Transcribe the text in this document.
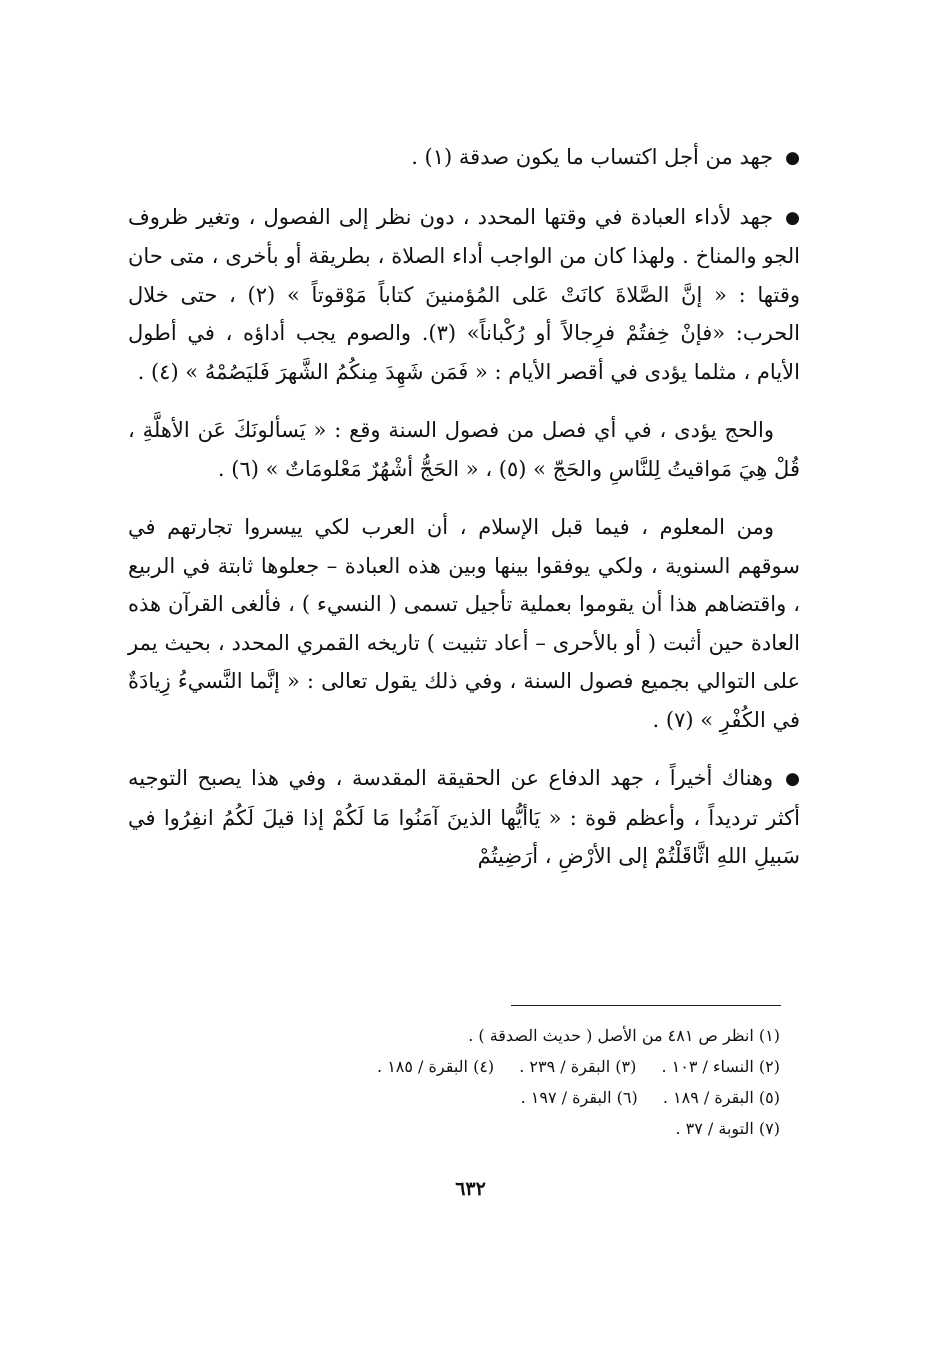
●جهد من أجل اكتساب ما يكون صدقة (١) .

●جهد لأداء العبادة في وقتها المحدد ، دون نظر إلى الفصول ، وتغير ظروف الجو والمناخ . ولهذا كان من الواجب أداء الصلاة ، بطريقة أو بأخرى ، متى حان وقتها : « إنَّ الصَّلاةَ كانَتْ عَلى المُؤمنينَ كتاباً مَوْقوتاً » (٢) ، حتى خلال الحرب: «فإنْ خِفتُمْ فرِجالاً أو رُكْباناً» (٣). والصوم يجب أداؤه ، في أطول الأيام ، مثلما يؤدى في أقصر الأيام : « فَمَن شَهِدَ مِنكُمُ الشَّهرَ فَليَصُمْهُ » (٤) .

والحج يؤدى ، في أي فصل من فصول السنة وقع : « يَسألونَكَ عَن الأهلَّةِ ، قُلْ هِيَ مَواقيتُ لِلنَّاسِ والحَجّ » (٥) ، « الحَجُّ أشْهُرٌ مَعْلومَاتٌ » (٦) .

ومن المعلوم ، فيما قبل الإسلام ، أن العرب لكي ييسروا تجارتهم في سوقهم السنوية ، ولكي يوفقوا بينها وبين هذه العبادة – جعلوها ثابتة في الربيع ، واقتضاهم هذا أن يقوموا بعملية تأجيل تسمى ( النسيء ) ، فألغى القرآن هذه العادة حين أثبت ( أو بالأحرى – أعاد تثبيت ) تاريخه القمري المحدد ، بحيث يمر على التوالي بجميع فصول السنة ، وفي ذلك يقول تعالى : « إنَّما النَّسيءُ زِيادَةٌ في الكُفْرِ » (٧) .

●وهناك أخيراً ، جهد الدفاع عن الحقيقة المقدسة ، وفي هذا يصبح التوجيه أكثر ترديداً ، وأعظم قوة : « يَاأيُّها الذينَ آمَنُوا مَا لَكُمْ إذا قيلَ لَكُمُ انفِرُوا في سَبيلِ اللهِ اثَّاقَلْتُمْ إلى الأرْضِ ، أرَضِيتُمْ

(١) انظر ص ٤٨١ من الأصل ( حديث الصدقة ) .
(٢) النساء / ١٠٣ . (٣) البقرة / ٢٣٩ . (٤) البقرة / ١٨٥ .
(٥) البقرة / ١٨٩ . (٦) البقرة / ١٩٧ .
(٧) التوبة / ٣٧ .
٦٣٢
